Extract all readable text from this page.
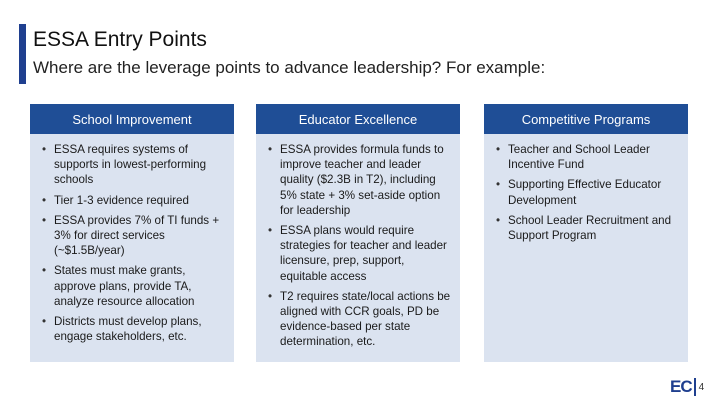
ESSA Entry Points
Where are the leverage points to advance leadership? For example:
School Improvement
• ESSA requires systems of supports in lowest-performing schools
• Tier 1-3 evidence required
• ESSA provides 7% of TI funds + 3% for direct services (~$1.5B/year)
• States must make grants, approve plans, provide TA, analyze resource allocation
• Districts must develop plans, engage stakeholders, etc.
Educator Excellence
• ESSA provides formula funds to improve teacher and leader quality ($2.3B in T2), including 5% state + 3% set-aside option for leadership
• ESSA plans would require strategies for teacher and leader licensure, prep, support, equitable access
• T2 requires state/local actions be aligned with CCR goals, PD be evidence-based per state determination, etc.
Competitive Programs
• Teacher and School Leader Incentive Fund
• Supporting Effective Educator Development
• School Leader Recruitment and Support Program
EC 4
